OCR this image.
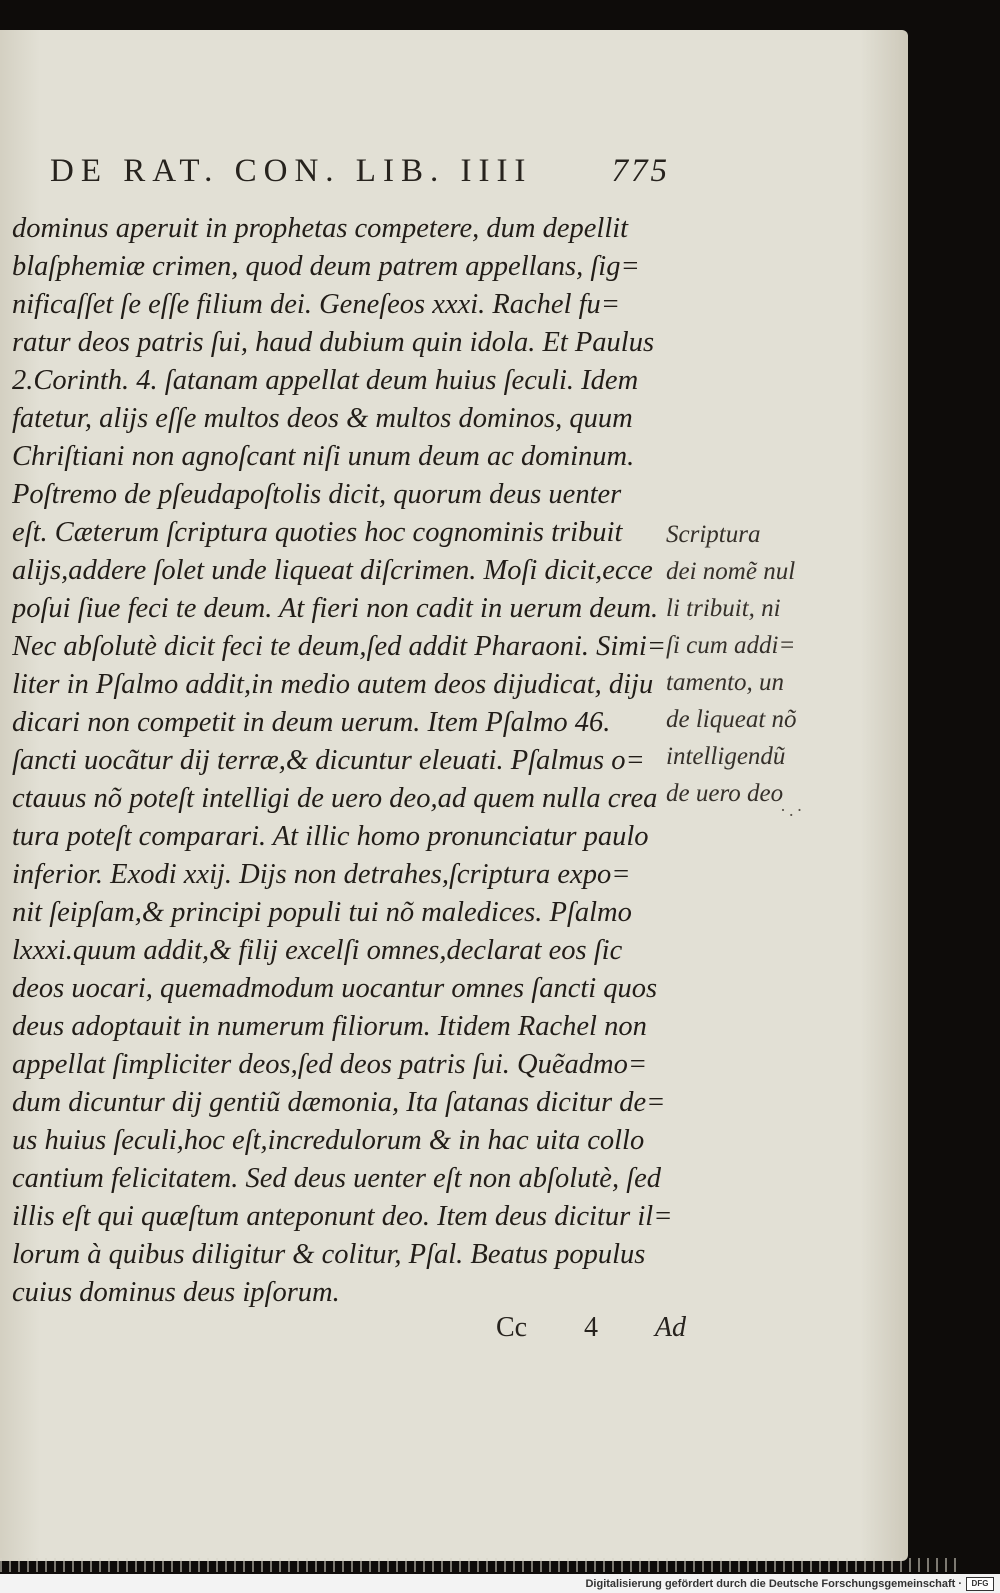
DE RAT. CON. LIB. IIII 775
dominus aperuit in prophetas competere, dum depellit
blaſphemiæ crimen, quod deum patrem appellans, ſig=
nificaſſet ſe eſſe filium dei. Geneſeos xxxi. Rachel fu=
ratur deos patris ſui, haud dubium quin idola. Et Paulus
2.Corinth. 4. ſatanam appellat deum huius ſeculi. Idem
fatetur, alijs eſſe multos deos & multos dominos, quum
Chriſtiani non agnoſcant niſi unum deum ac dominum.
Poſtremo de pſeudapoſtolis dicit, quorum deus uenter
eſt. Cæterum ſcriptura quoties hoc cognominis tribuit
alijs,addere ſolet unde liqueat diſcrimen. Moſi dicit,ecce
poſui ſiue feci te deum. At fieri non cadit in uerum deum.
Nec abſolutè dicit feci te deum,ſed addit Pharaoni. Simi=
liter in Pſalmo addit,in medio autem deos dijudicat, diju
dicari non competit in deum uerum. Item Pſalmo 46.
ſancti uocãtur dij terræ,& dicuntur eleuati. Pſalmus o=
ctauus nõ poteſt intelligi de uero deo,ad quem nulla crea
tura poteſt comparari. At illic homo pronunciatur paulo
inferior. Exodi xxij. Dijs non detrahes,ſcriptura expo=
nit ſeipſam,& principi populi tui nõ maledices. Pſalmo
lxxxi.quum addit,& filij excelſi omnes,declarat eos ſic
deos uocari, quemadmodum uocantur omnes ſancti quos
deus adoptauit in numerum filiorum. Itidem Rachel non
appellat ſimpliciter deos,ſed deos patris ſui. Quẽadmo=
dum dicuntur dij gentiũ dæmonia, Ita ſatanas dicitur de=
us huius ſeculi,hoc eſt,incredulorum & in hac uita collo
cantium felicitatem. Sed deus uenter eſt non abſolutè, ſed
illis eſt qui quæſtum anteponunt deo. Item deus dicitur il=
lorum à quibus diligitur & colitur, Pſal. Beatus populus
cuius dominus deus ipſorum.
Scriptura
dei nomẽ nul
li tribuit, ni
ſi cum addi=
tamento, un
de liqueat nõ
intelligendũ
de uero deo
·.·
Cc 4 Ad
Digitalisierung gefördert durch die Deutsche Forschungsgemeinschaft ·	DFG
